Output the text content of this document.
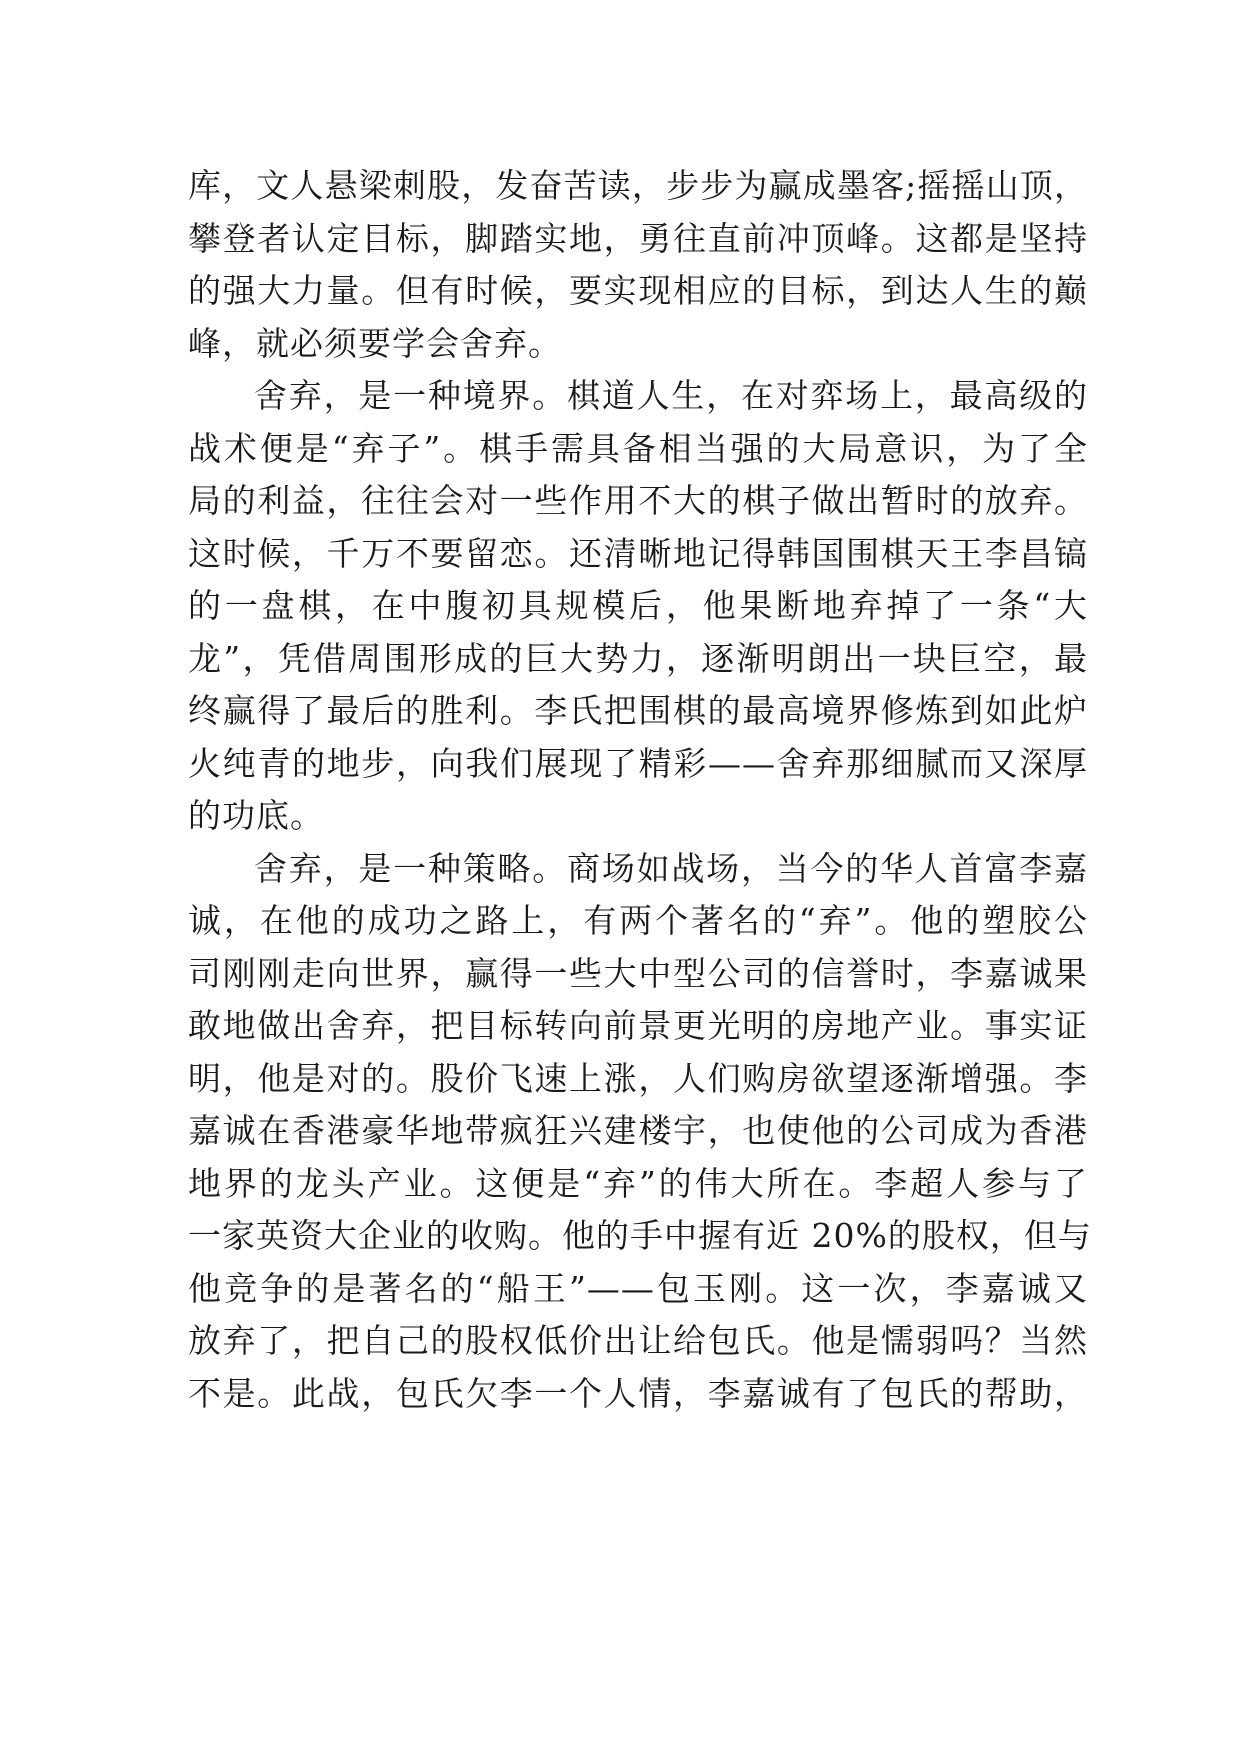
库，文人悬梁刺股，发奋苦读，步步为赢成墨客;摇摇山顶，
攀登者认定目标，脚踏实地，勇往直前冲顶峰。这都是坚持
的强大力量。但有时候，要实现相应的目标，到达人生的巅
峰，就必须要学会舍弃。
舍弃，是一种境界。棋道人生，在对弈场上，最高级的
战术便是“弃子”。棋手需具备相当强的大局意识，为了全
局的利益，往往会对一些作用不大的棋子做出暂时的放弃。
这时候，千万不要留恋。还清晰地记得韩国围棋天王李昌镐
的一盘棋，在中腹初具规模后，他果断地弃掉了一条“大
龙”，凭借周围形成的巨大势力，逐渐明朗出一块巨空，最
终赢得了最后的胜利。李氏把围棋的最高境界修炼到如此炉
火纯青的地步，向我们展现了精彩——舍弃那细腻而又深厚
的功底。
舍弃，是一种策略。商场如战场，当今的华人首富李嘉
诚，在他的成功之路上，有两个著名的“弃”。他的塑胶公
司刚刚走向世界，赢得一些大中型公司的信誉时，李嘉诚果
敢地做出舍弃，把目标转向前景更光明的房地产业。事实证
明，他是对的。股价飞速上涨，人们购房欲望逐渐增强。李
嘉诚在香港豪华地带疯狂兴建楼宇，也使他的公司成为香港
地界的龙头产业。这便是“弃”的伟大所在。李超人参与了
一家英资大企业的收购。他的手中握有近 20%的股权，但与
他竞争的是著名的“船王”——包玉刚。这一次，李嘉诚又
放弃了，把自己的股权低价出让给包氏。他是懦弱吗？当然
不是。此战，包氏欠李一个人情，李嘉诚有了包氏的帮助，
